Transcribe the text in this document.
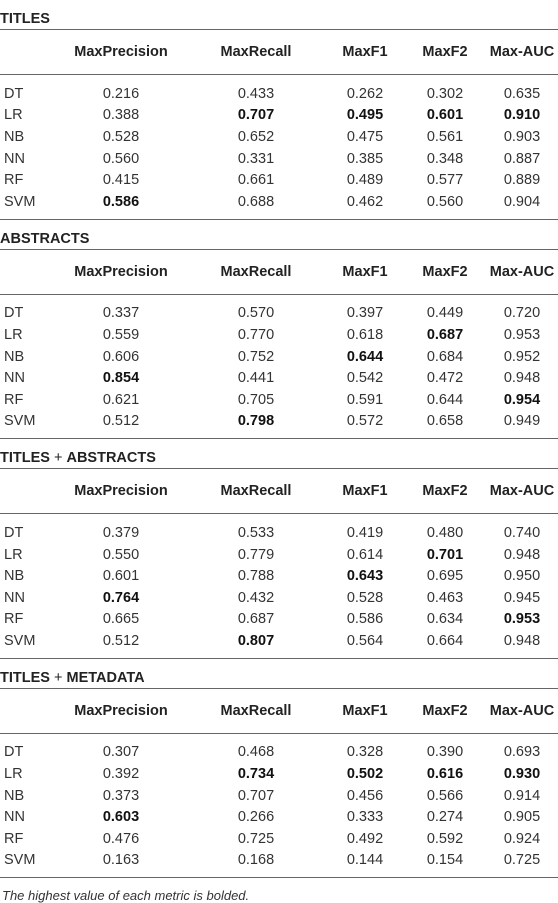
TITLES
	MaxPrecision	MaxRecall	MaxF1	MaxF2	Max-AUC
DT	0.216	0.433	0.262	0.302	0.635
LR	0.388	0.707	0.495	0.601	0.910
NB	0.528	0.652	0.475	0.561	0.903
NN	0.560	0.331	0.385	0.348	0.887
RF	0.415	0.661	0.489	0.577	0.889
SVM	0.586	0.688	0.462	0.560	0.904
ABSTRACTS
	MaxPrecision	MaxRecall	MaxF1	MaxF2	Max-AUC
DT	0.337	0.570	0.397	0.449	0.720
LR	0.559	0.770	0.618	0.687	0.953
NB	0.606	0.752	0.644	0.684	0.952
NN	0.854	0.441	0.542	0.472	0.948
RF	0.621	0.705	0.591	0.644	0.954
SVM	0.512	0.798	0.572	0.658	0.949
TITLES + ABSTRACTS
	MaxPrecision	MaxRecall	MaxF1	MaxF2	Max-AUC
DT	0.379	0.533	0.419	0.480	0.740
LR	0.550	0.779	0.614	0.701	0.948
NB	0.601	0.788	0.643	0.695	0.950
NN	0.764	0.432	0.528	0.463	0.945
RF	0.665	0.687	0.586	0.634	0.953
SVM	0.512	0.807	0.564	0.664	0.948
TITLES + METADATA
	MaxPrecision	MaxRecall	MaxF1	MaxF2	Max-AUC
DT	0.307	0.468	0.328	0.390	0.693
LR	0.392	0.734	0.502	0.616	0.930
NB	0.373	0.707	0.456	0.566	0.914
NN	0.603	0.266	0.333	0.274	0.905
RF	0.476	0.725	0.492	0.592	0.924
SVM	0.163	0.168	0.144	0.154	0.725
The highest value of each metric is bolded.
